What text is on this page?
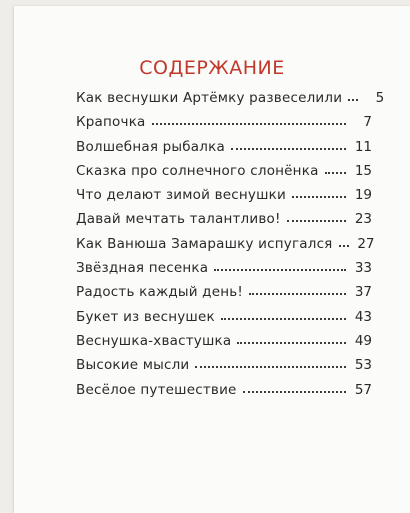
СОДЕРЖАНИЕ
Как веснушки Артёмку развеселили	5
Крапочка	7
Волшебная рыбалка	11
Сказка про солнечного слонёнка	15
Что делают зимой веснушки	19
Давай мечтать талантливо!	23
Как Ванюша Замарашку испугался 27
Звёздная песенка	33
Радость каждый день!	37
Букет из веснушек	43
Веснушка-хвастушка	49
Высокие мысли	53
Весёлое путешествие	57
